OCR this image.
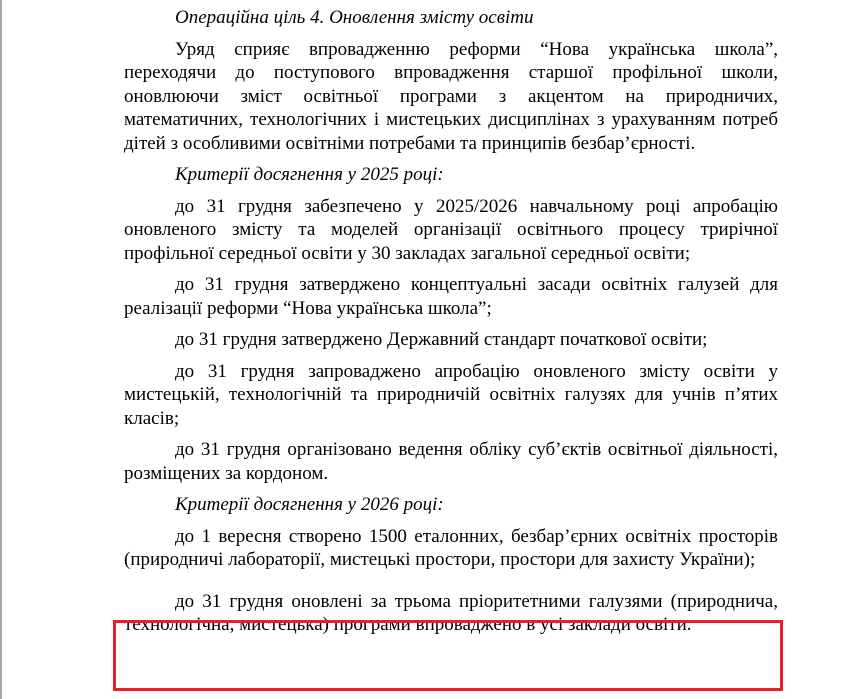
Операційна ціль 4. Оновлення змісту освіти

Уряд сприяє впровадженню реформи “Нова українська школа”, переходячи до поступового впровадження старшої профільної школи, оновлюючи зміст освітньої програми з акцентом на природничих, математичних, технологічних і мистецьких дисциплінах з урахуванням потреб дітей з особливими освітніми потребами та принципів безбар’єрності.

Критерії досягнення у 2025 році:

до 31 грудня забезпечено у 2025/2026 навчальному році апробацію оновленого змісту та моделей організації освітнього процесу трирічної профільної середньої освіти у 30 закладах загальної середньої освіти;

до 31 грудня затверджено концептуальні засади освітніх галузей для реалізації реформи “Нова українська школа”;

до 31 грудня затверджено Державний стандарт початкової освіти;

до 31 грудня запроваджено апробацію оновленого змісту освіти у мистецькій, технологічній та природничій освітніх галузях для учнів п’ятих класів;

до 31 грудня організовано ведення обліку суб’єктів освітньої діяльності, розміщених за кордоном.

Критерії досягнення у 2026 році:

до 1 вересня створено 1500 еталонних, безбар’єрних освітніх просторів (природничі лабораторії, мистецькі простори, простори для захисту України);

до 31 грудня оновлені за трьома пріоритетними галузями (природнича, технологічна, мистецька) програми впроваджено в усі заклади освіти.
